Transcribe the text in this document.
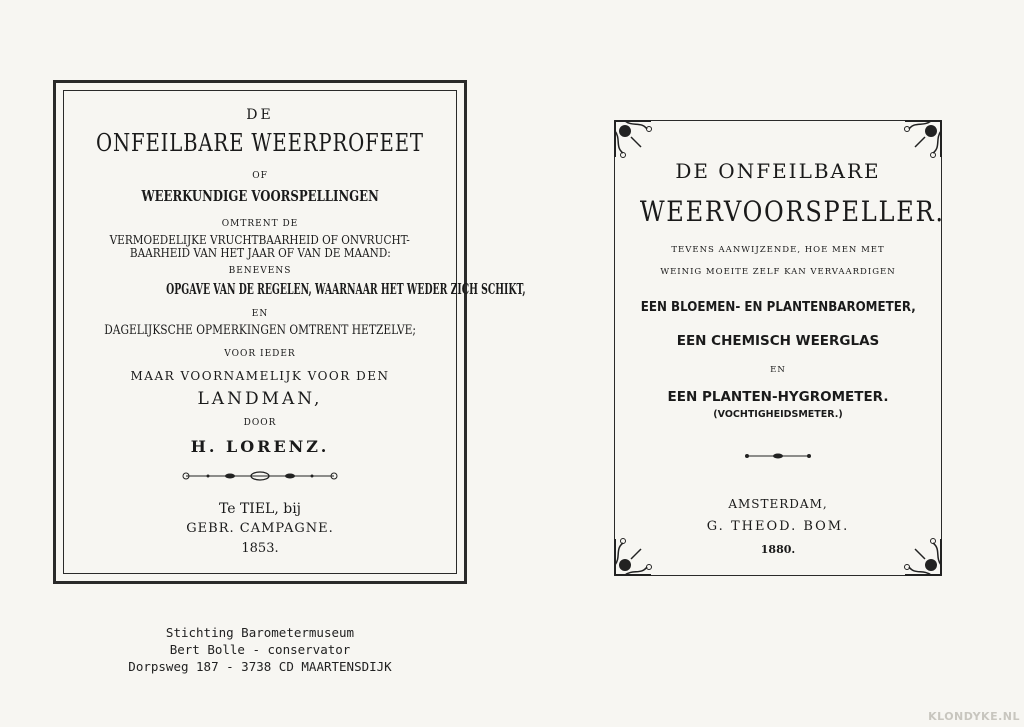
DE
ONFEILBARE WEERPROFEET
OF
WEERKUNDIGE VOORSPELLINGEN
OMTRENT DE
VERMOEDELIJKE VRUCHTBAARHEID OF ONVRUCHT-
BAARHEID VAN HET JAAR OF VAN DE MAAND:
BENEVENS
OPGAVE VAN DE REGELEN, WAARNAAR HET WEDER ZICH SCHIKT,
EN
DAGELIJKSCHE OPMERKINGEN OMTRENT HETZELVE;
VOOR IEDER
MAAR VOORNAMELIJK VOOR DEN
LANDMAN,
DOOR
H. LORENZ.
Te TIEL, bij
GEBR. CAMPAGNE.
1853.
DE ONFEILBARE
WEERVOORSPELLER.
TEVENS AANWIJZENDE, HOE MEN MET
WEINIG MOEITE ZELF KAN VERVAARDIGEN
EEN BLOEMEN- EN PLANTENBAROMETER,
EEN CHEMISCH WEERGLAS
EN
EEN PLANTEN-HYGROMETER.
(VOCHTIGHEIDSMETER.)
AMSTERDAM,
G. THEOD. BOM.
1880.
Stichting Barometermuseum
Bert Bolle - conservator
Dorpsweg 187 - 3738 CD MAARTENSDIJK
KLONDYKE.NL
